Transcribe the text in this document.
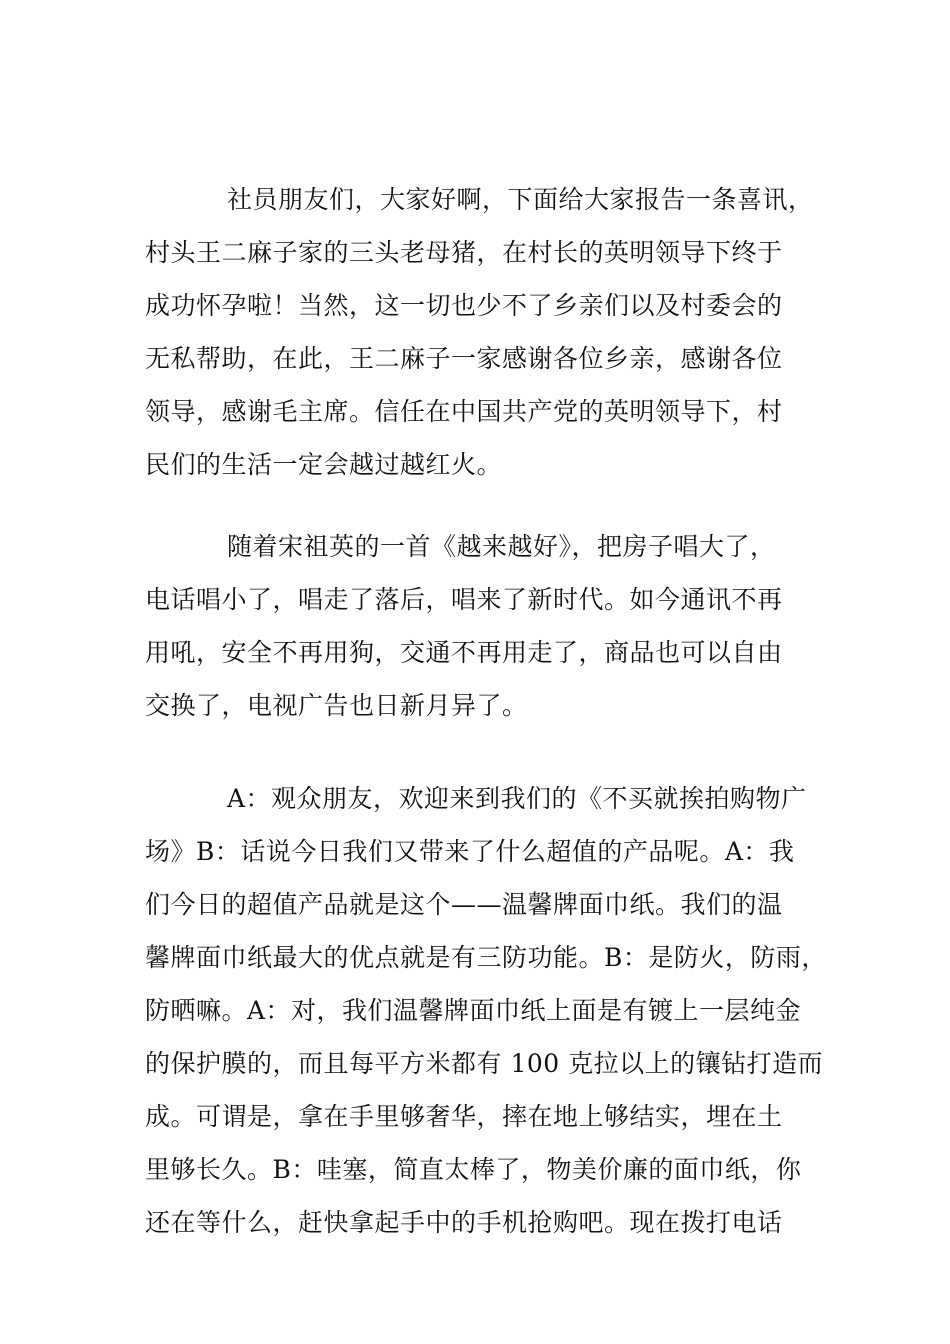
社员朋友们，大家好啊，下面给大家报告一条喜讯，
村头王二麻子家的三头老母猪，在村长的英明领导下终于
成功怀孕啦！当然，这一切也少不了乡亲们以及村委会的
无私帮助，在此，王二麻子一家感谢各位乡亲，感谢各位
领导，感谢毛主席。信任在中国共产党的英明领导下，村
民们的生活一定会越过越红火。
随着宋祖英的一首《越来越好》，把房子唱大了，
电话唱小了，唱走了落后，唱来了新时代。如今通讯不再
用吼，安全不再用狗，交通不再用走了，商品也可以自由
交换了，电视广告也日新月异了。
A：观众朋友，欢迎来到我们的《不买就挨拍购物广
场》B：话说今日我们又带来了什么超值的产品呢。A：我
们今日的超值产品就是这个——温馨牌面巾纸。我们的温
馨牌面巾纸最大的优点就是有三防功能。B：是防火，防雨，
防晒嘛。A：对，我们温馨牌面巾纸上面是有镀上一层纯金
的保护膜的，而且每平方米都有 100 克拉以上的镶钻打造而
成。可谓是，拿在手里够奢华，摔在地上够结实，埋在土
里够长久。B：哇塞，简直太棒了，物美价廉的面巾纸，你
还在等什么，赶快拿起手中的手机抢购吧。现在拨打电话
